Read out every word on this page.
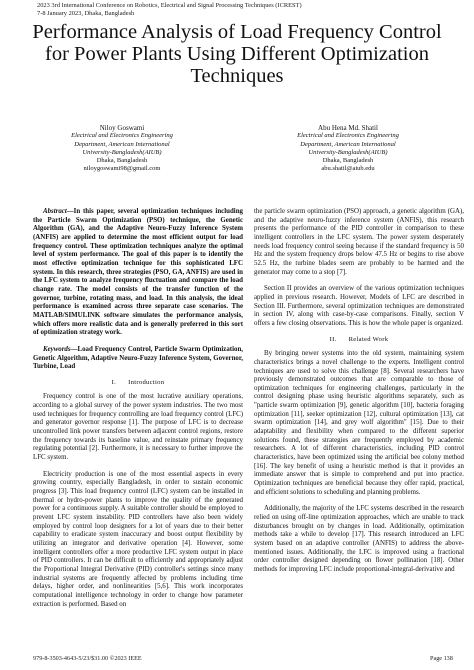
2023 3rd International Conference on Robotics, Electrical and Signal Processing Techniques (ICREST)
7-8 January 2023, Dhaka, Bangladesh
Performance Analysis of Load Frequency Control for Power Plants Using Different Optimization Techniques
Niloy Goswami
Electrical and Electronics Engineering
Department, American International
University-Bangladesh(AIUB)
Dhaka, Bangladesh
niloygoswami98@gmail.com
Abu Hena Md. Shatil
Electrical and Electronics Engineering
Department, American International
University-Bangladesh(AIUB)
Dhaka, Bangladesh
abu.shatil@aiub.edu

Abstract—In this paper, several optimization techniques including the Particle Swarm Optimization (PSO) technique, the Genetic Algorithm (GA), and the Adaptive Neuro-Fuzzy Inference System (ANFIS) are applied to determine the most efficient output for load frequency control. These optimization techniques analyze the optimal level of system performance. The goal of this paper is to identify the most effective optimization technique for this sophisticated LFC system. In this research, three strategies (PSO, GA, ANFIS) are used in the LFC system to analyze frequency fluctuation and compare the load change rate. The model consists of the transfer function of the governor, turbine, rotating mass, and load. In this analysis, the ideal performance is examined across three separate case scenarios. The MATLAB/SIMULINK software simulates the performance analysis, which offers more realistic data and is generally preferred in this sort of optimization strategy work.

Keywords—Load Frequency Control, Particle Swarm Optimization, Genetic Algorithm, Adaptive Neuro-Fuzzy Inference System, Governor, Turbine, Load

I. Introduction

Frequency control is one of the most lucrative auxiliary operations, according to a global survey of the power system industries. The two most used techniques for frequency controlling are load frequency control (LFC) and generator governor response [1]. The purpose of LFC is to decrease uncontrolled link power transfers between adjacent control regions, restore the frequency towards its baseline value, and reinstate primary frequency regulating potential [2]. Furthermore, it is necessary to further improve the LFC system.

Electricity production is one of the most essential aspects in every growing country, especially Bangladesh, in order to sustain economic progress [3]. This load frequency control (LFC) system can be installed in thermal or hydro-power plants to improve the quality of the generated power for a continuous supply. A suitable controller should be employed to prevent LFC system instability. PID controllers have also been widely employed by control loop designers for a lot of years due to their better capability to eradicate system inaccuracy and boost output flexibility by utilizing an integrator and derivative operation [4]. However, some intelligent controllers offer a more productive LFC system output in place of PID controllers. It can be difficult to efficiently and appropriately adjust the Proportional Integral Derivative (PID) controller's settings since many industrial systems are frequently affected by problems including time delays, higher order, and nonlinearities [5,6]. This work incorporates computational intelligence technology in order to change how parameter extraction is performed. Based on

the particle swarm optimization (PSO) approach, a genetic algorithm (GA), and the adaptive neuro-fuzzy inference system (ANFIS), this research presents the performance of the PID controller in comparison to these intelligent controllers in the LFC system. The power system desperately needs load frequency control seeing because if the standard frequency is 50 Hz and the system frequency drops below 47.5 Hz or begins to rise above 52.5 Hz, the turbine blades seem are probably to be harmed and the generator may come to a stop [7].

Section II provides an overview of the various optimization techniques applied in previous research. However, Models of LFC are described in Section III. Furthermore, several optimization techniques are demonstrated in section IV, along with case-by-case comparisons. Finally, section V offers a few closing observations. This is how the whole paper is organized.

II. Related Work

By bringing newer systems into the old system, maintaining system characteristics brings a novel challenge to the experts. Intelligent control techniques are used to solve this challenge [8]. Several researchers have previously demonstrated outcomes that are comparable to those of optimization techniques for engineering challenges, particularly in the control designing phase using heuristic algorithms separately, such as "particle swarm optimization [9], genetic algorithm [10], bacteria foraging optimization [11], seeker optimization [12], cultural optimization [13], cat swarm optimization [14], and grey wolf algorithm" [15]. Due to their adaptability and flexibility when compared to the different superior solutions found, these strategies are frequently employed by academic researchers. A lot of different characteristics, including PID control characteristics, have been optimized using the artificial bee colony method [16]. The key benefit of using a heuristic method is that it provides an immediate answer that is simple to comprehend and put into practice. Optimization techniques are beneficial because they offer rapid, practical, and efficient solutions to scheduling and planning problems.

Additionally, the majority of the LFC systems described in the research relied on using off-line optimization approaches, which are unable to track disturbances brought on by changes in load. Additionally, optimization methods take a while to develop [17]. This research introduced an LFC system based on an adaptive controller (ANFIS) to address the above-mentioned issues. Additionally, the LFC is improved using a fractional order controller designed depending on flower pollination [18]. Other methods for improving LFC include proportional-integral-derivative and

979-8-3503-4643-5/23/$31.00 ©2023 IEEE	Page 138
